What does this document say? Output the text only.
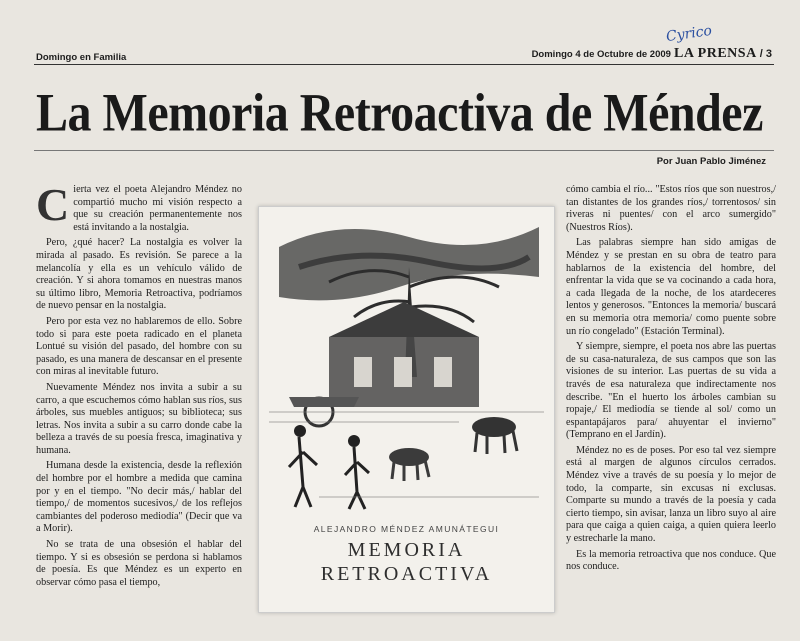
Domingo en Familia
Cyrico
Domingo 4 de Octubre de 2009 LA PRENSA / 3
La Memoria Retroactiva de Méndez
Por Juan Pablo Jiménez
C ierta vez el poeta Alejandro Méndez no compartió mucho mi visión respecto a que su creación permanentemente nos está invitando a la nostalgia.

Pero, ¿qué hacer? La nostalgia es volver la mirada al pasado. Es revisión. Se parece a la melancolía y ella es un vehículo válido de creación. Y si ahora tomamos en nuestras manos su último libro, Memoria Retroactiva, podríamos de nuevo pensar en la nostalgia.

Pero por esta vez no hablaremos de ello. Sobre todo si para este poeta radicado en el planeta Lontué su visión del pasado, del hombre con su pasado, es una manera de descansar en el presente con miras al inevitable futuro.

Nuevamente Méndez nos invita a subir a su carro, a que escuchemos cómo hablan sus ríos, sus árboles, sus muebles antiguos; su biblioteca; sus letras. Nos invita a subir a su carro donde cabe la belleza a través de su poesía fresca, imaginativa y humana.

Humana desde la existencia, desde la reflexión del hombre por el hombre a medida que camina por y en el tiempo. "No decir más,/ hablar del tiempo,/ de momentos sucesivos,/ de los reflejos cambiantes del poderoso mediodía" (Decir que va a Morir).

No se trata de una obsesión el hablar del tiempo. Y si es obsesión se perdona si hablamos de poesía. Es que Méndez es un experto en observar cómo pasa el tiempo,

ALEJANDRO MÉNDEZ AMUNÁTEGUI
MEMORIA
RETROACTIVA

cómo cambia el río... "Estos ríos que son nuestros,/ tan distantes de los grandes ríos,/ torrentosos/ sin riveras ni puentes/ con el arco sumergido" (Nuestros Ríos).

Las palabras siempre han sido amigas de Méndez y se prestan en su obra de teatro para hablarnos de la existencia del hombre, del enfrentar la vida que se va cocinando a cada hora, a cada llegada de la noche, de los atardeceres lentos y generosos. "Entonces la memoria/ buscará en su memoria otra memoria/ como puente sobre un río congelado" (Estación Terminal).

Y siempre, siempre, el poeta nos abre las puertas de su casa-naturaleza, de sus campos que son las visiones de su interior. Las puertas de su vida a través de esa naturaleza que indirectamente nos describe. "En el huerto los árboles cambian su ropaje,/ El mediodía se tiende al sol/ como un espantapájaros para/ ahuyentar el invierno" (Temprano en el Jardín).

Méndez no es de poses. Por eso tal vez siempre está al margen de algunos círculos cerrados. Méndez vive a través de su poesía y lo mejor de todo, la comparte, sin excusas ni exclusas. Comparte su mundo a través de la poesía y cada cierto tiempo, sin avisar, lanza un libro suyo al aire para que caiga a quien caiga, a quien quiera leerlo y estrecharle la mano.

Es la memoria retroactiva que nos conduce. Que nos conduce.
